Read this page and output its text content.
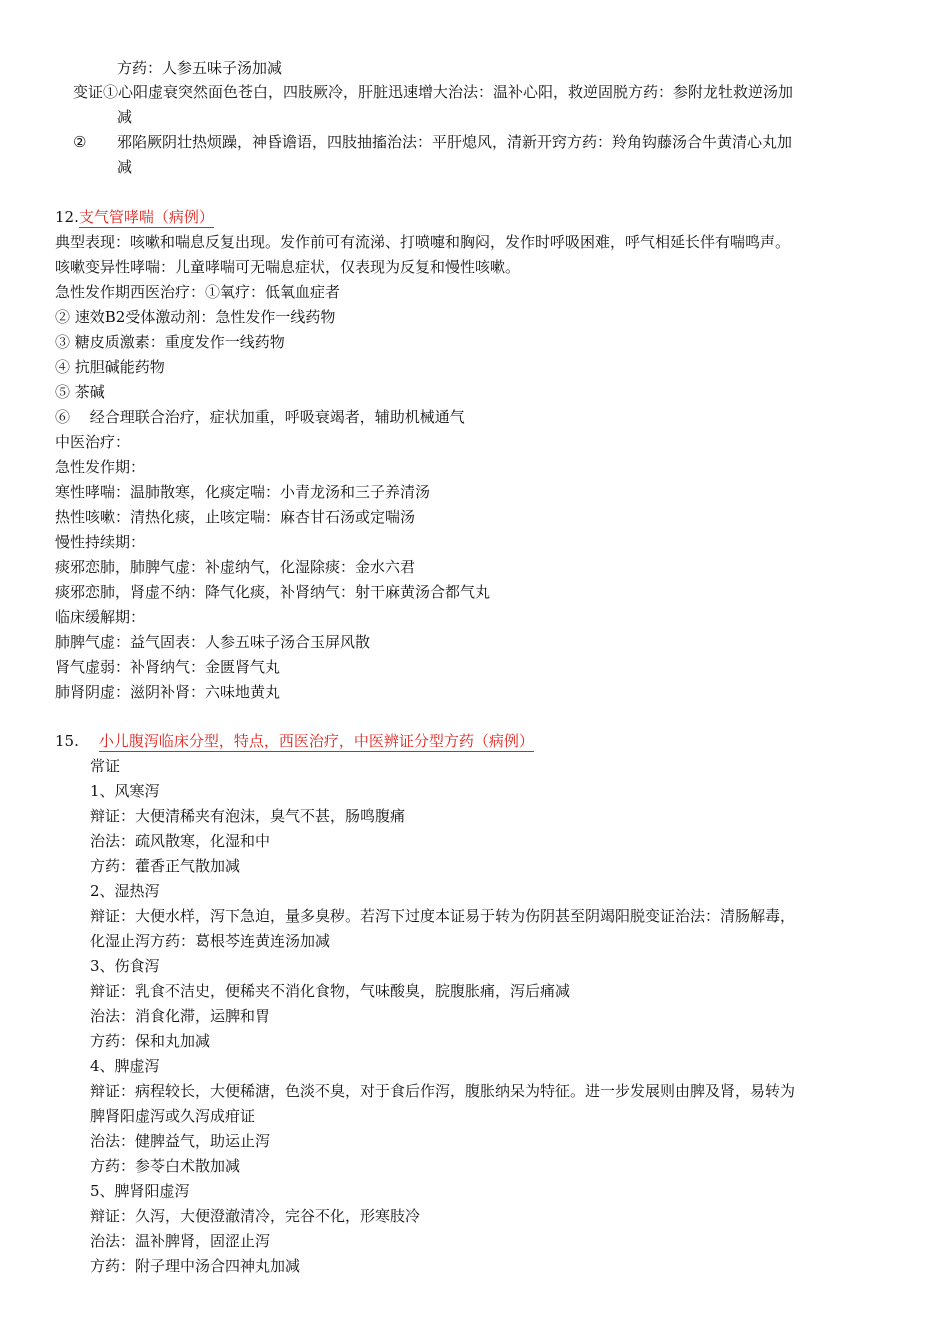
方药：人参五味子汤加减
变证①心阳虚衰突然面色苍白，四肢厥冷，肝脏迅速增大治法：温补心阳，救逆固脱方药：参附龙牡救逆汤加
减
② 邪陷厥阴壮热烦躁，神昏谵语，四肢抽搐治法：平肝熄风，清新开窍方药：羚角钩藤汤合牛黄清心丸加
减
12.支气管哮喘（病例）
典型表现：咳嗽和喘息反复出现。发作前可有流涕、打喷嚏和胸闷，发作时呼吸困难，呼气相延长伴有喘鸣声。
咳嗽变异性哮喘：儿童哮喘可无喘息症状，仅表现为反复和慢性咳嗽。
急性发作期西医治疗：①氧疗：低氧血症者
② 速效B2受体激动剂：急性发作一线药物
③ 糖皮质激素：重度发作一线药物
④ 抗胆碱能药物
⑤ 茶碱
⑥　 经合理联合治疗，症状加重，呼吸衰竭者，辅助机械通气
中医治疗：
急性发作期：
寒性哮喘：温肺散寒，化痰定喘：小青龙汤和三子养清汤
热性咳嗽：清热化痰，止咳定喘：麻杏甘石汤或定喘汤
慢性持续期：
痰邪恋肺，肺脾气虚：补虚纳气，化湿除痰：金水六君
痰邪恋肺，肾虚不纳：降气化痰，补肾纳气：射干麻黄汤合都气丸
临床缓解期：
肺脾气虚：益气固表：人参五味子汤合玉屏风散
肾气虚弱：补肾纳气：金匮肾气丸
肺肾阴虚：滋阴补肾：六味地黄丸
15. 小儿腹泻临床分型，特点，西医治疗，中医辨证分型方药（病例）
常证
1、风寒泻
辩证：大便清稀夹有泡沫，臭气不甚，肠鸣腹痛
治法：疏风散寒，化湿和中
方药：藿香正气散加减
2、湿热泻
辩证：大便水样，泻下急迫，量多臭秽。若泻下过度本证易于转为伤阴甚至阴竭阳脱变证治法：清肠解毒，
化湿止泻方药：葛根芩连黄连汤加减
3、伤食泻
辩证：乳食不洁史，便稀夹不消化食物，气味酸臭，脘腹胀痛，泻后痛减
治法：消食化滞，运脾和胃
方药：保和丸加减
4、脾虚泻
辩证：病程较长，大便稀溏，色淡不臭，对于食后作泻，腹胀纳呆为特征。进一步发展则由脾及肾，易转为
脾肾阳虚泻或久泻成疳证
治法：健脾益气，助运止泻
方药：参苓白术散加减
5、脾肾阳虚泻
辩证：久泻，大便澄澈清冷，完谷不化，形寒肢冷
治法：温补脾肾，固涩止泻
方药：附子理中汤合四神丸加减
